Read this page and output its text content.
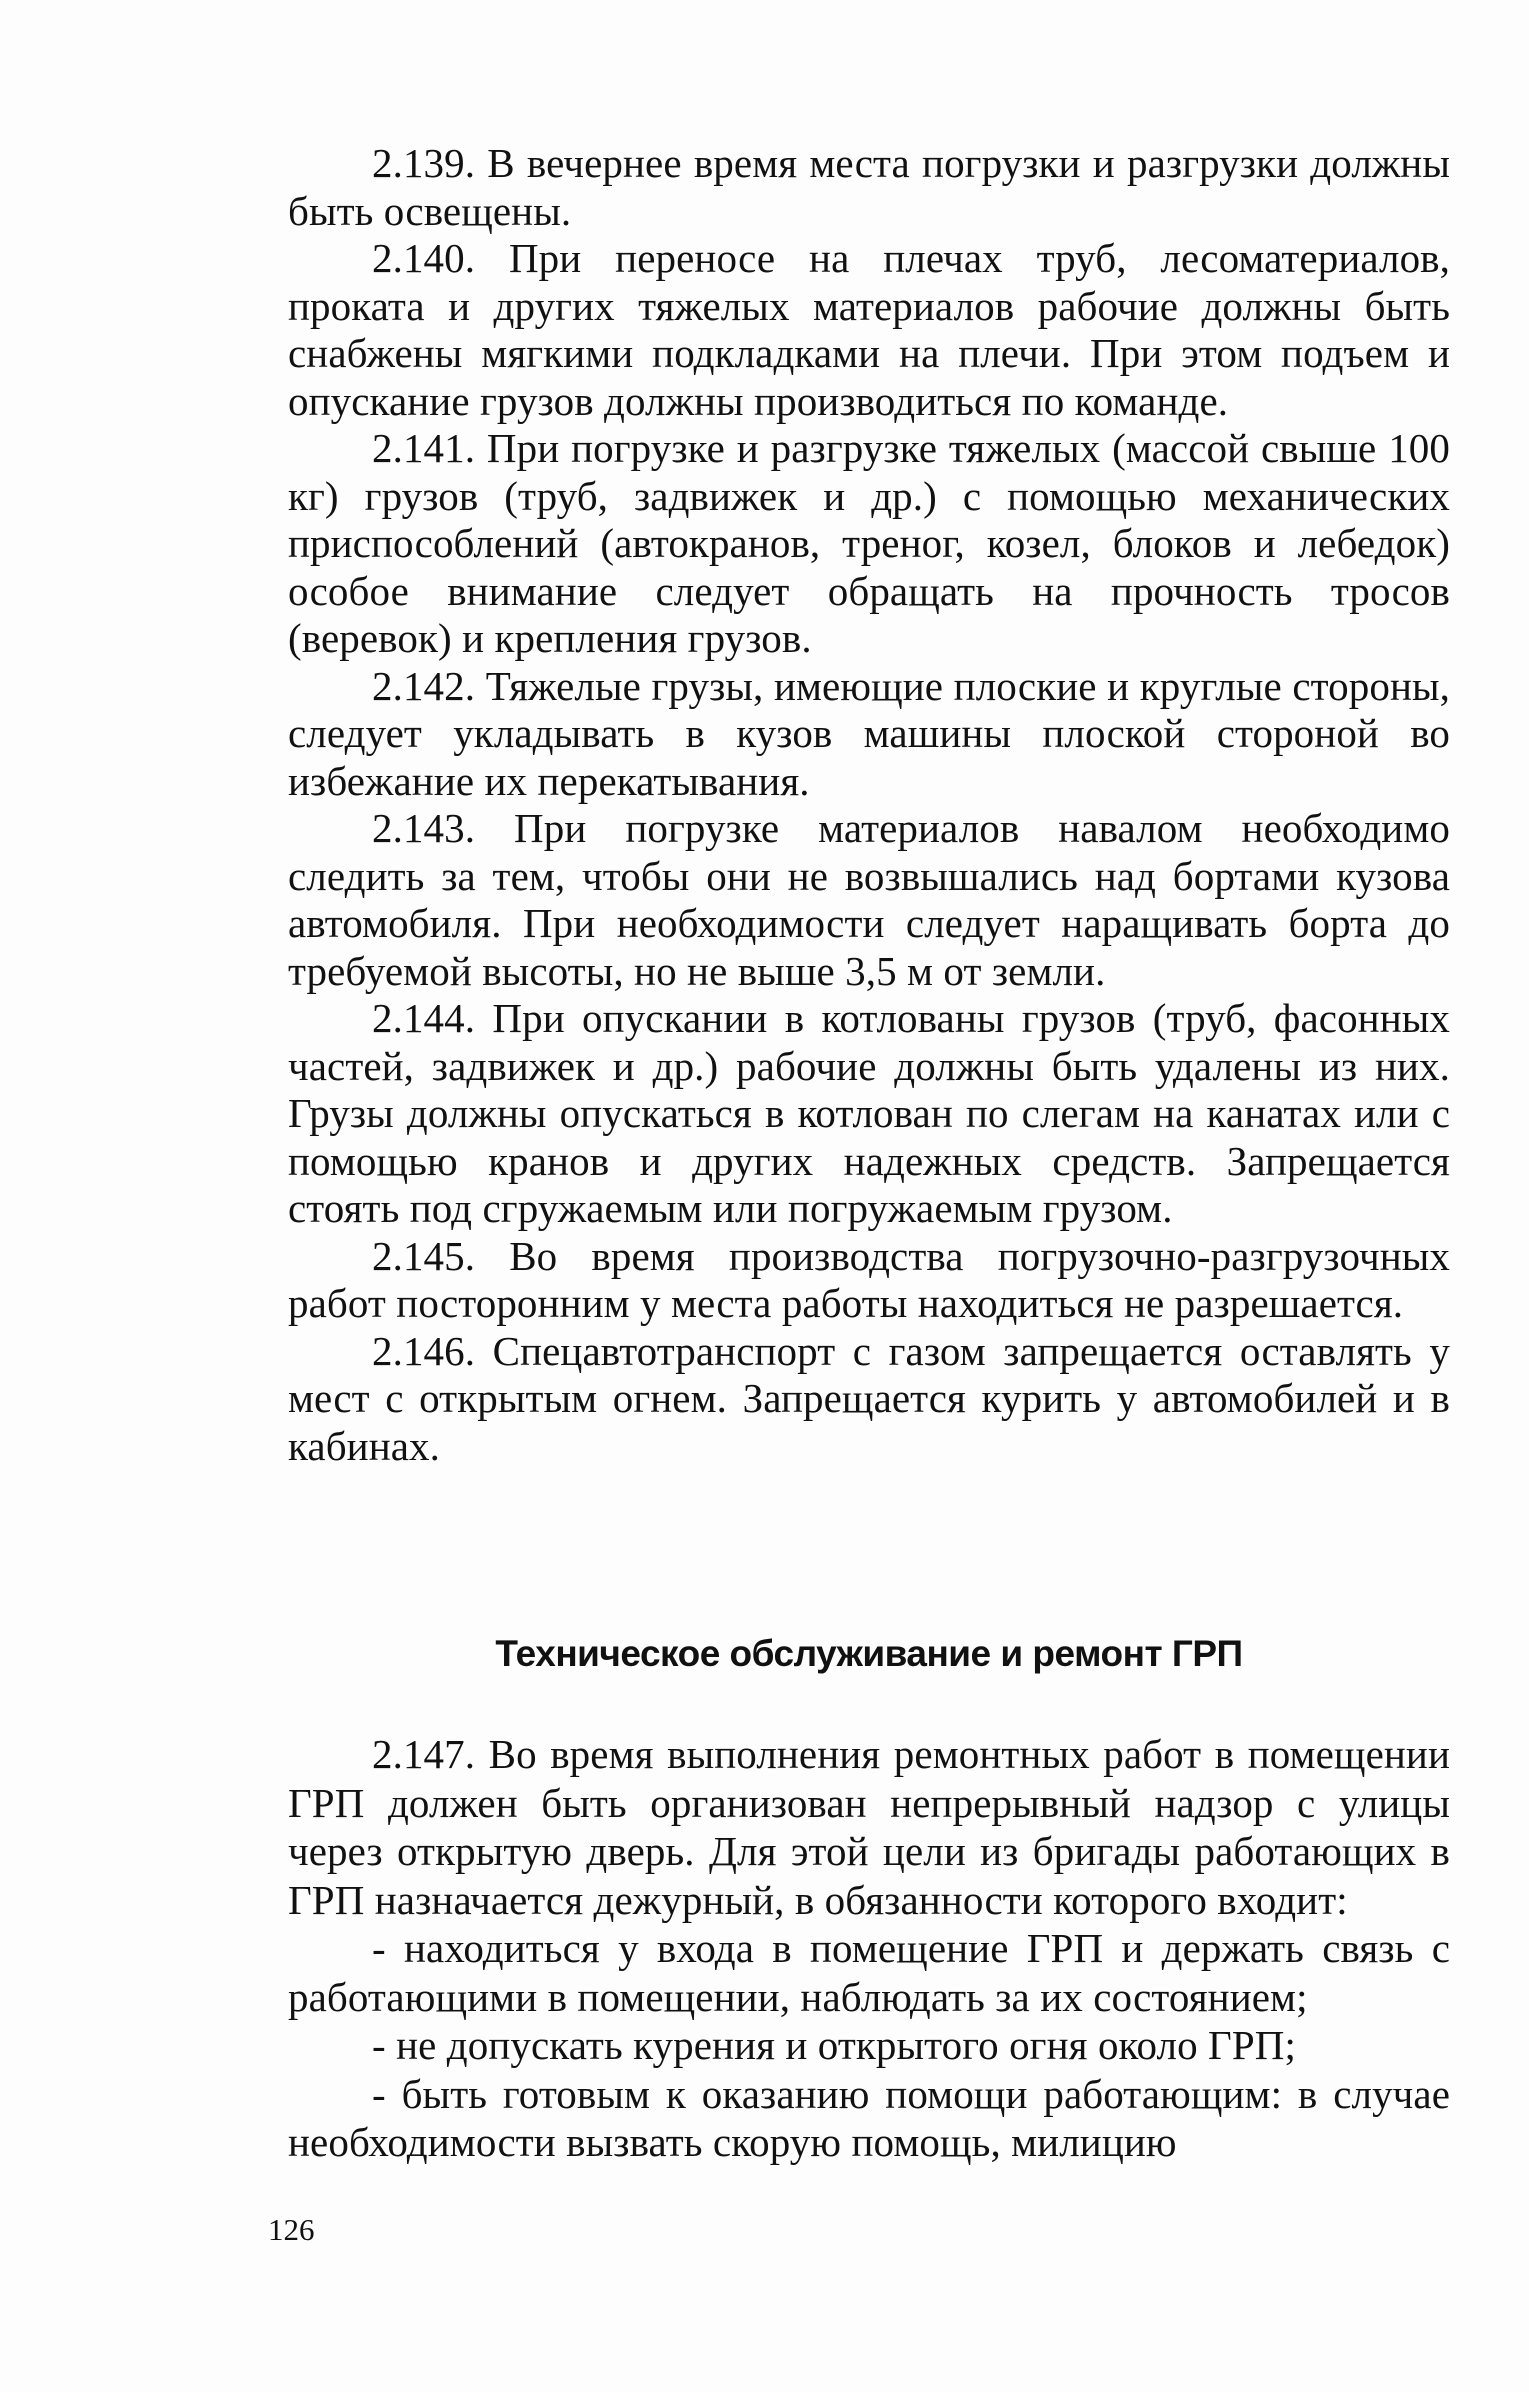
2.139. В вечернее время места погрузки и разгрузки должны быть освещены.

2.140. При переносе на плечах труб, лесоматериалов, проката и других тяжелых материалов рабочие должны быть снабжены мягкими подкладками на плечи. При этом подъем и опускание грузов должны производиться по команде.

2.141. При погрузке и разгрузке тяжелых (массой свыше 100 кг) грузов (труб, задвижек и др.) с помощью механических приспособлений (автокранов, треног, козел, блоков и лебедок) особое внимание следует обращать на прочность тросов (веревок) и крепления грузов.

2.142. Тяжелые грузы, имеющие плоские и круглые стороны, следует укладывать в кузов машины плоской стороной во избежание их перекатывания.

2.143. При погрузке материалов навалом необходимо следить за тем, чтобы они не возвышались над бортами кузова автомобиля. При необходимости следует наращивать борта до требуемой высоты, но не выше 3,5 м от земли.

2.144. При опускании в котлованы грузов (труб, фасонных частей, задвижек и др.) рабочие должны быть удалены из них. Грузы должны опускаться в котлован по слегам на канатах или с помощью кранов и других надежных средств. Запрещается стоять под сгружаемым или погружаемым грузом.

2.145. Во время производства погрузочно-разгрузочных работ посторонним у места работы находиться не разрешается.

2.146. Спецавтотранспорт с газом запрещается оставлять у мест с открытым огнем. Запрещается курить у автомобилей и в кабинах.

Техническое обслуживание и ремонт ГРП

2.147. Во время выполнения ремонтных работ в помещении ГРП должен быть организован непрерывный надзор с улицы через открытую дверь. Для этой цели из бригады работающих в ГРП назначается дежурный, в обязанности которого входит:

- находиться у входа в помещение ГРП и держать связь с работающими в помещении, наблюдать за их состоянием;

- не допускать курения и открытого огня около ГРП;

- быть готовым к оказанию помощи работающим: в случае необходимости вызвать скорую помощь, милицию

126
